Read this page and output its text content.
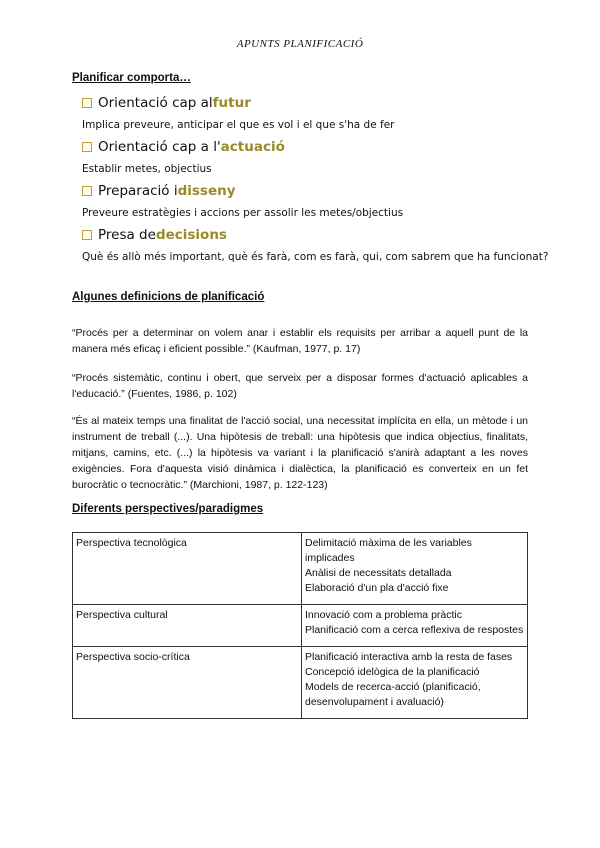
APUNTS PLANIFICACIÓ
Planificar comporta…
Orientació cap al futur
Implica preveure, anticipar el que es vol i el que s'ha de fer
Orientació cap a l' actuació
Establir metes, objectius
Preparació i disseny
Preveure estratègies i accions per assolir les metes/objectius
Presa de decisions
Què és allò més important, què és farà, com es farà, qui, com sabrem que ha funcionat?
Algunes definicions de planificació
“Procés per a determinar on volem anar i establir els requisits per arribar a aquell punt de la manera més eficaç i eficient possible.” (Kaufman, 1977, p. 17)
“Procés sistemàtic, continu i obert, que serveix per a disposar formes d'actuació aplicables a l'educació.” (Fuentes, 1986, p. 102)
“És al mateix temps una finalitat de l'acció social, una necessitat implícita en ella, un mètode i un instrument de treball (...). Una hipòtesis de treball: una hipòtesis que indica objectius, finalitats, mitjans, camins, etc. (...) la hipòtesis va variant i la planificació s'anirà adaptant a les noves exigències. Fora d'aquesta visió dinàmica i dialèctica, la planificació es converteix en un fet burocràtic o tecnocràtic.” (Marchioni, 1987, p. 122-123)
Diferents perspectives/paradigmes
Perspectiva tecnològica	Delimitació màxima de les variables implicades
Anàlisi de necessitats detallada
Elaboració d'un pla d'acció fixe

Perspectiva cultural	Innovació com a problema pràctic
Planificació com a cerca reflexiva de respostes

Perspectiva socio-crítica	Planificació interactiva amb la resta de fases
Concepció idelògica de la planificació
Models de recerca-acció (planificació, desenvolupament i avaluació)
